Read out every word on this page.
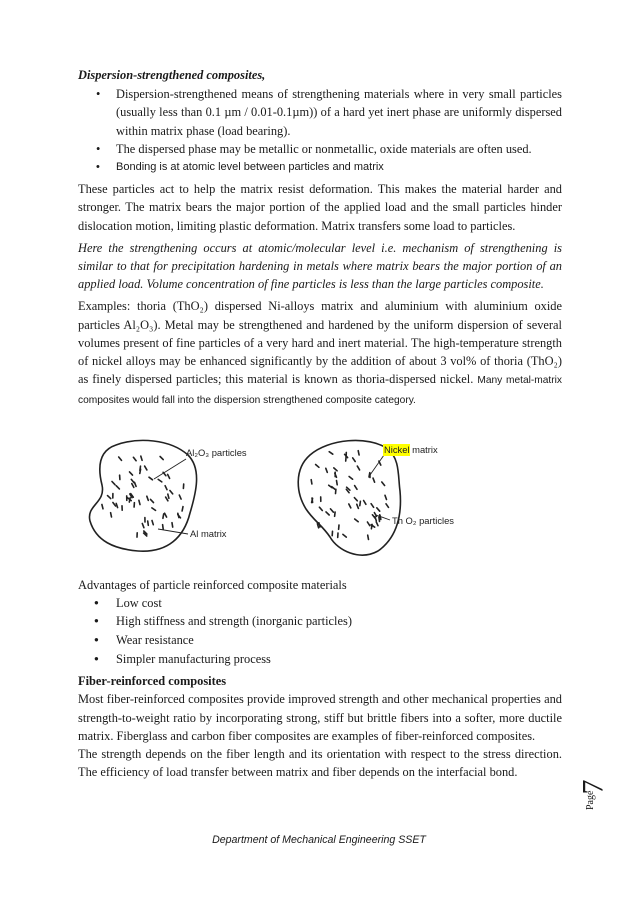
Dispersion-strengthened composites,

• Dispersion-strengthened means of strengthening materials where in very small particles (usually less than 0.1 µm / 0.01-0.1µm)) of a hard yet inert phase are uniformly dispersed within matrix phase (load bearing).
• The dispersed phase may be metallic or nonmetallic, oxide materials are often used.
• Bonding is at atomic level between particles and matrix

These particles act to help the matrix resist deformation. This makes the material harder and stronger. The matrix bears the major portion of the applied load and the small particles hinder dislocation motion, limiting plastic deformation. Matrix transfers some load to particles.

Here the strengthening occurs at atomic/molecular level i.e. mechanism of strengthening is similar to that for precipitation hardening in metals where matrix bears the major portion of an applied load. Volume concentration of fine particles is less than the large particles composite.

Examples: thoria (ThO₂) dispersed Ni-alloys matrix and aluminium with aluminium oxide particles Al₂O₃). Metal may be strengthened and hardened by the uniform dispersion of several volumes present of fine particles of a very hard and inert material. The high-temperature strength of nickel alloys may be enhanced significantly by the addition of about 3 vol% of thoria (ThO₂) as finely dispersed particles; this material is known as thoria-dispersed nickel. Many metal-matrix composites would fall into the dispersion strengthened composite category.

Al₂O₃ particles
Al matrix
Nickel matrix
Th O₂ particles

Advantages of particle reinforced composite materials

● Low cost
● High stiffness and strength (inorganic particles)
● Wear resistance
● Simpler manufacturing process

Fiber-reinforced composites

Most fiber-reinforced composites provide improved strength and other mechanical properties and strength-to-weight ratio by incorporating strong, stiff but brittle fibers into a softer, more ductile matrix. Fiberglass and carbon fiber composites are examples of fiber-reinforced composites.

The strength depends on the fiber length and its orientation with respect to the stress direction. The efficiency of load transfer between matrix and fiber depends on the interfacial bond.

7
Page
Department of Mechanical Engineering SSET
